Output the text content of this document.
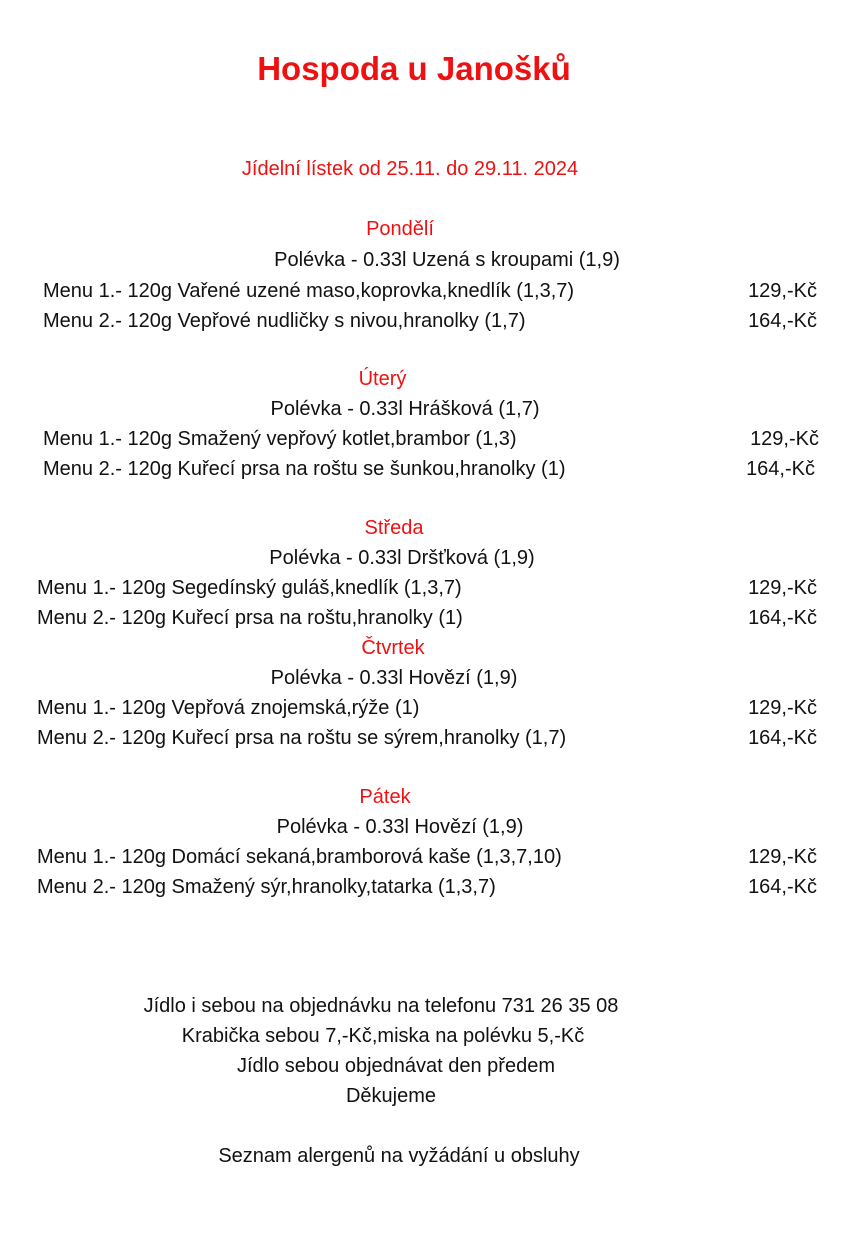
Hospoda u Janošků
Jídelní lístek od 25.11. do 29.11. 2024
Pondělí
Polévka - 0.33l Uzená s kroupami (1,9)
Menu 1.- 120g Vařené uzené maso,koprovka,knedlík (1,3,7)	129,-Kč
Menu 2.- 120g Vepřové nudličky s nivou,hranolky (1,7)	164,-Kč
Úterý
Polévka - 0.33l Hrášková (1,7)
Menu 1.- 120g Smažený vepřový kotlet,brambor (1,3)	129,-Kč
Menu 2.- 120g Kuřecí prsa na roštu se šunkou,hranolky (1)	164,-Kč
Středa
Polévka - 0.33l Dršťková (1,9)
Menu 1.- 120g Segedínský guláš,knedlík (1,3,7)	129,-Kč
Menu 2.- 120g Kuřecí prsa na roštu,hranolky (1)	164,-Kč
Čtvrtek
Polévka - 0.33l Hovězí (1,9)
Menu 1.- 120g Vepřová znojemská,rýže (1)	129,-Kč
Menu 2.- 120g Kuřecí prsa na roštu se sýrem,hranolky (1,7)	164,-Kč
Pátek
Polévka - 0.33l Hovězí (1,9)
Menu 1.- 120g Domácí sekaná,bramborová kaše (1,3,7,10)	129,-Kč
Menu 2.- 120g Smažený sýr,hranolky,tatarka (1,3,7)	164,-Kč
Jídlo i sebou na objednávku na telefonu 731 26 35 08
Krabička sebou 7,-Kč,miska na polévku 5,-Kč
Jídlo sebou objednávat den předem
Děkujeme
Seznam alergenů na vyžádání u obsluhy
